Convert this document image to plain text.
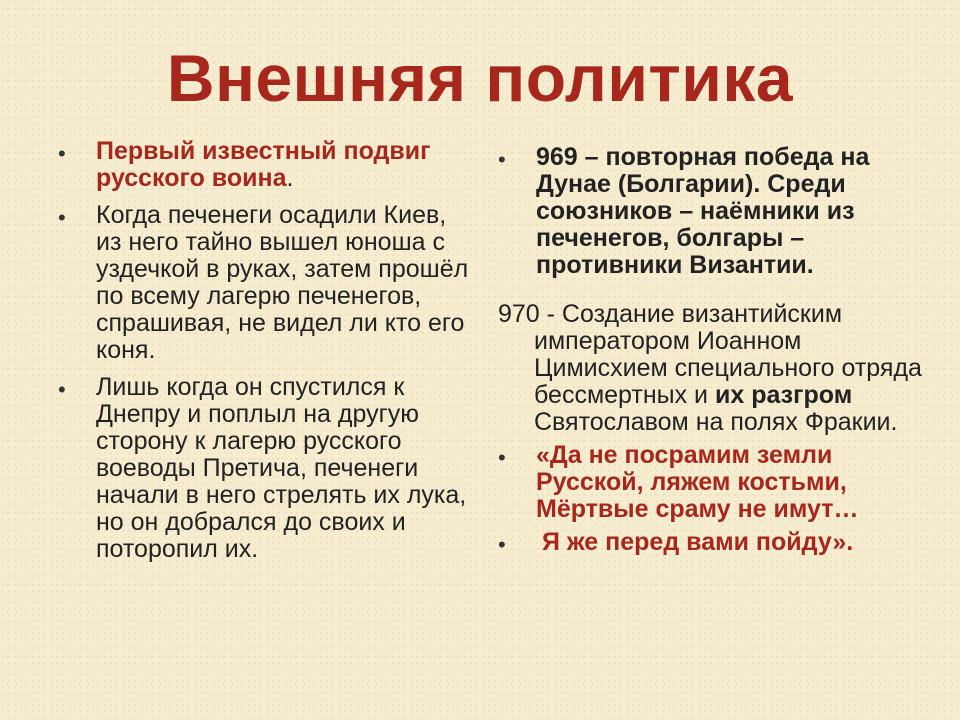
Внешняя политика
•	Первый известный подвиг русского воина.
•	Когда печенеги осадили Киев, из него тайно вышел юноша с уздечкой в руках, затем прошёл по всему лагерю печенегов, спрашивая, не видел ли кто его коня.
•	Лишь когда он спустился к Днепру и поплыл на другую сторону к лагерю русского воеводы Претича, печенеги начали в него стрелять их лука, но он добрался до своих и поторопил их.
•	969 – повторная победа на Дунае (Болгарии). Среди союзников – наёмники из печенегов, болгары – противники Византии.
970 - Создание византийским императором Иоанном Цимисхием специального отряда бессмертных и их разгром Святославом на полях Фракии.
•	«Да не посрамим земли Русской, ляжем костьми, Мёртвые сраму не имут…
•	Я же перед вами пойду».
